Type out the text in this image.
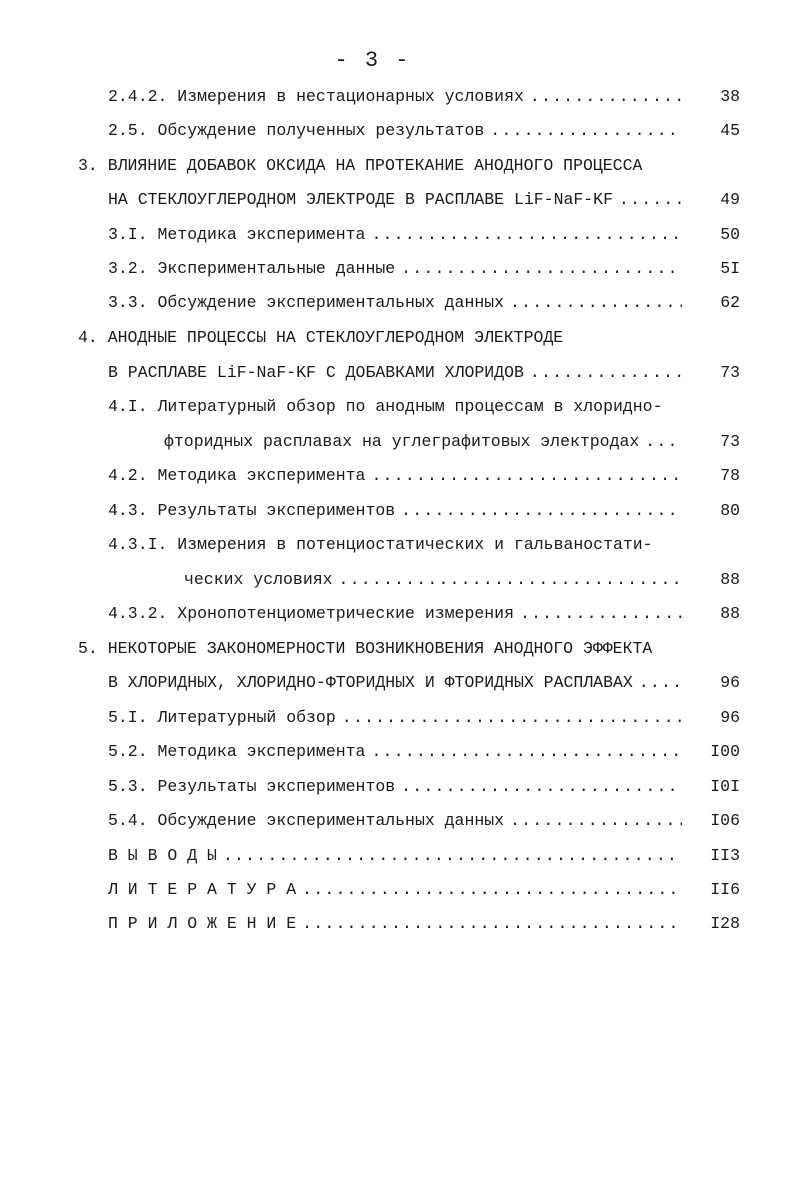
- 3 -
2.4.2. Измерения в нестационарных условиях .....	38
2.5. Обсуждение полученных результатов .....	45
3. ВЛИЯНИЕ ДОБАВОК ОКСИДА НА ПРОТЕКАНИЕ АНОДНОГО ПРОЦЕССА
НА СТЕКЛОУГЛЕРОДНОМ ЭЛЕКТРОДЕ В РАСПЛАВЕ LiF-NaF-KF .....	49
3.I. Методика эксперимента .....	50
3.2. Экспериментальные данные .....	5I
3.3. Обсуждение экспериментальных данных .....	62
4. АНОДНЫЕ ПРОЦЕССЫ НА СТЕКЛОУГЛЕРОДНОМ ЭЛЕКТРОДЕ
В РАСПЛАВЕ LiF-NaF-KF С ДОБАВКАМИ ХЛОРИДОВ .....	73
4.I. Литературный обзор по анодным процессам в хлоридно-
фторидных расплавах на углеграфитовых электродах .....	73
4.2. Методика эксперимента .....	78
4.3. Результаты экспериментов .....	80
4.3.I. Измерения в потенциостатических и гальваностати-
ческих условиях .....	88
4.3.2. Хронопотенциометрические измерения .....	88
5. НЕКОТОРЫЕ ЗАКОНОМЕРНОСТИ ВОЗНИКНОВЕНИЯ АНОДНОГО ЭФФЕКТА
В ХЛОРИДНЫХ, ХЛОРИДНО-ФТОРИДНЫХ И ФТОРИДНЫХ РАСПЛАВАХ .....	96
5.I. Литературный обзор .....	96
5.2. Методика эксперимента .....	I00
5.3. Результаты экспериментов .....	I0I
5.4. Обсуждение экспериментальных данных .....	I06
В Ы В О Д Ы .....	II3
Л И Т Е Р А Т У Р А .....	II6
П Р И Л О Ж Е Н И Е .....	I28
